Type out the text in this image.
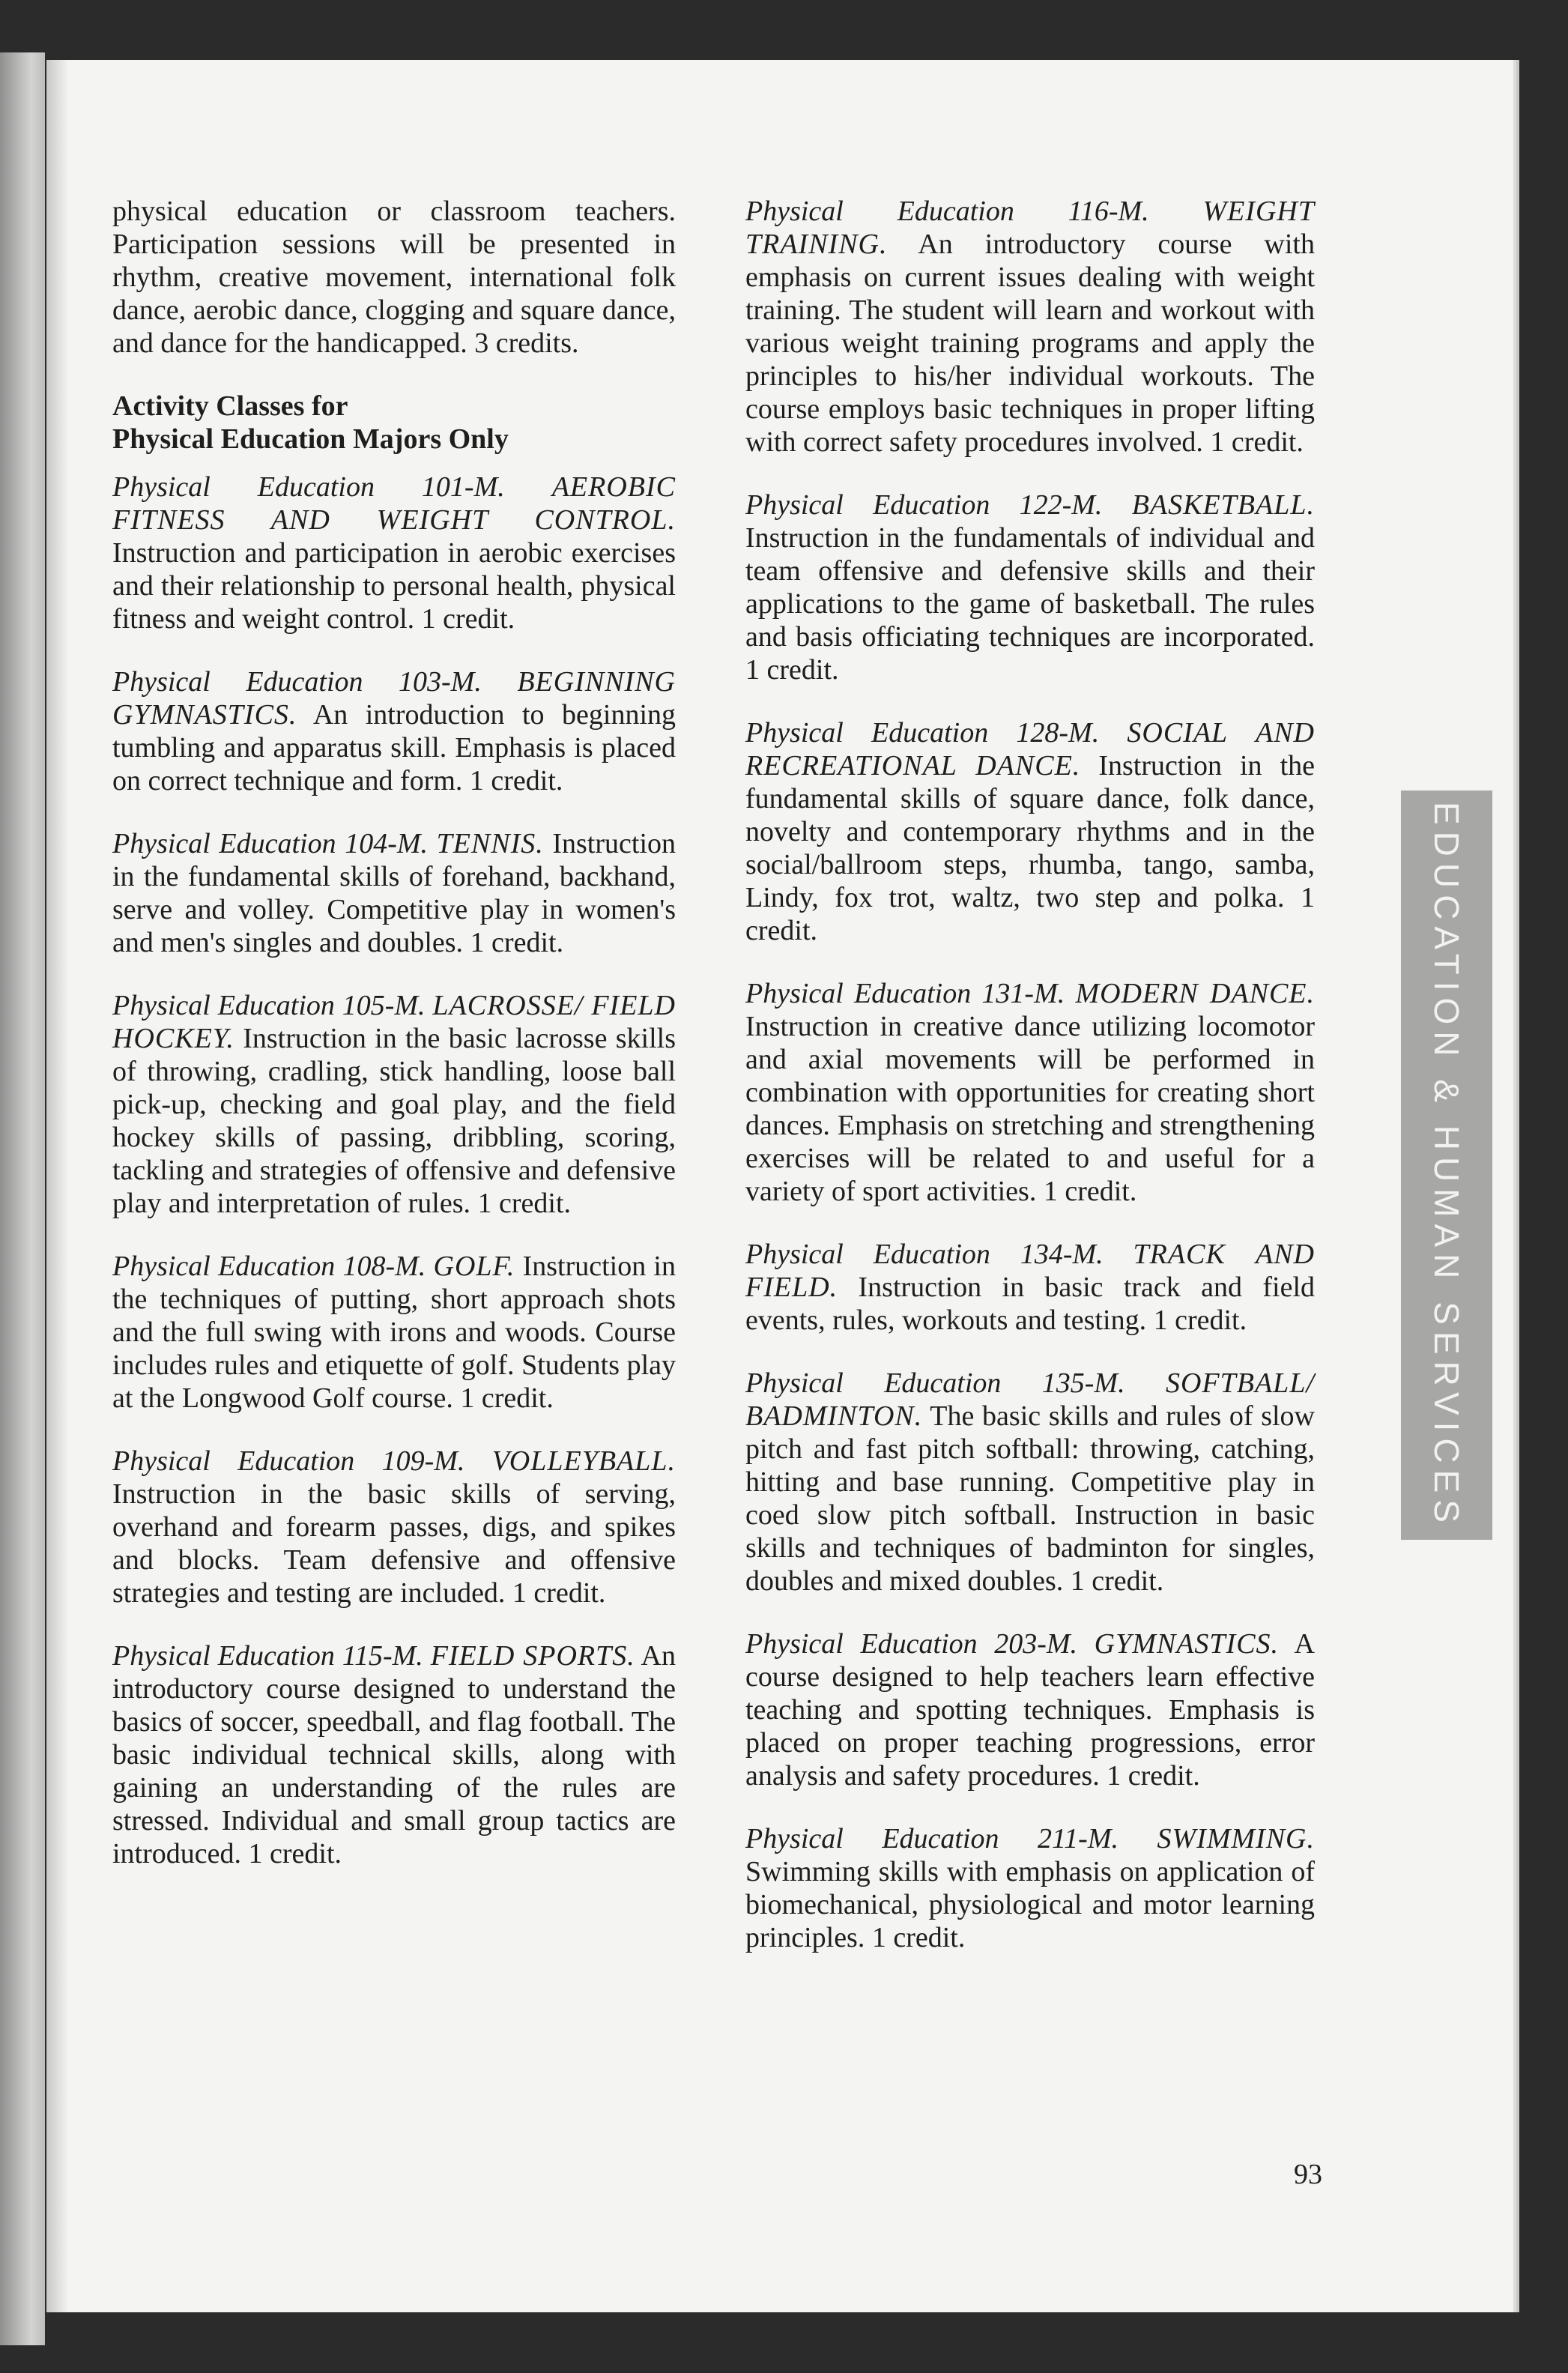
physical education or classroom teachers. Participation sessions will be presented in rhythm, creative movement, international folk dance, aerobic dance, clogging and square dance, and dance for the handicapped. 3 credits.

Activity Classes for
Physical Education Majors Only

Physical Education 101-M. AEROBIC FITNESS AND WEIGHT CONTROL. Instruction and participation in aerobic exercises and their relationship to personal health, physical fitness and weight control. 1 credit.

Physical Education 103-M. BEGINNING GYMNASTICS. An introduction to beginning tumbling and apparatus skill. Emphasis is placed on correct technique and form. 1 credit.

Physical Education 104-M. TENNIS. Instruction in the fundamental skills of forehand, backhand, serve and volley. Competitive play in women's and men's singles and doubles. 1 credit.

Physical Education 105-M. LACROSSE/ FIELD HOCKEY. Instruction in the basic lacrosse skills of throwing, cradling, stick handling, loose ball pick-up, checking and goal play, and the field hockey skills of passing, dribbling, scoring, tackling and strategies of offensive and defensive play and interpretation of rules. 1 credit.

Physical Education 108-M. GOLF. Instruction in the techniques of putting, short approach shots and the full swing with irons and woods. Course includes rules and etiquette of golf. Students play at the Longwood Golf course. 1 credit.

Physical Education 109-M. VOLLEYBALL. Instruction in the basic skills of serving, overhand and forearm passes, digs, and spikes and blocks. Team defensive and offensive strategies and testing are included. 1 credit.

Physical Education 115-M. FIELD SPORTS. An introductory course designed to understand the basics of soccer, speedball, and flag football. The basic individual technical skills, along with gaining an understanding of the rules are stressed. Individual and small group tactics are introduced. 1 credit.

Physical Education 116-M. WEIGHT TRAINING. An introductory course with emphasis on current issues dealing with weight training. The student will learn and workout with various weight training programs and apply the principles to his/her individual workouts. The course employs basic techniques in proper lifting with correct safety procedures involved. 1 credit.

Physical Education 122-M. BASKETBALL. Instruction in the fundamentals of individual and team offensive and defensive skills and their applications to the game of basketball. The rules and basis officiating techniques are incorporated. 1 credit.

Physical Education 128-M. SOCIAL AND RECREATIONAL DANCE. Instruction in the fundamental skills of square dance, folk dance, novelty and contemporary rhythms and in the social/ballroom steps, rhumba, tango, samba, Lindy, fox trot, waltz, two step and polka. 1 credit.

Physical Education 131-M. MODERN DANCE. Instruction in creative dance utilizing locomotor and axial movements will be performed in combination with opportunities for creating short dances. Emphasis on stretching and strengthening exercises will be related to and useful for a variety of sport activities. 1 credit.

Physical Education 134-M. TRACK AND FIELD. Instruction in basic track and field events, rules, workouts and testing. 1 credit.

Physical Education 135-M. SOFTBALL/ BADMINTON. The basic skills and rules of slow pitch and fast pitch softball: throwing, catching, hitting and base running. Competitive play in coed slow pitch softball. Instruction in basic skills and techniques of badminton for singles, doubles and mixed doubles. 1 credit.

Physical Education 203-M. GYMNASTICS. A course designed to help teachers learn effective teaching and spotting techniques. Emphasis is placed on proper teaching progressions, error analysis and safety procedures. 1 credit.

Physical Education 211-M. SWIMMING. Swimming skills with emphasis on application of biomechanical, physiological and motor learning principles. 1 credit.

EDUCATION & HUMAN SERVICES
93
